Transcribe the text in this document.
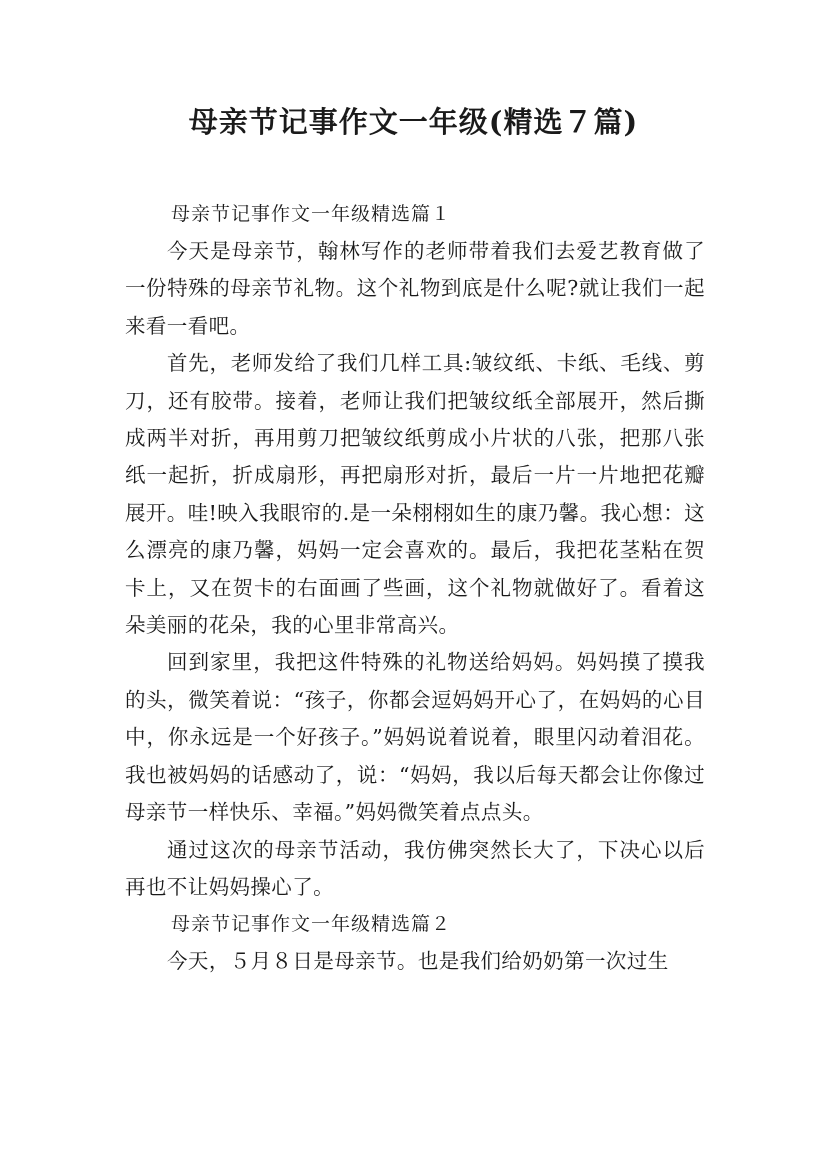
母亲节记事作文一年级(精选７篇)

母亲节记事作文一年级精选篇１

今天是母亲节，翰林写作的老师带着我们去爱艺教育做了一份特殊的母亲节礼物。这个礼物到底是什么呢?就让我们一起来看一看吧。

首先，老师发给了我们几样工具:皱纹纸、卡纸、毛线、剪刀，还有胶带。接着，老师让我们把皱纹纸全部展开，然后撕成两半对折，再用剪刀把皱纹纸剪成小片状的八张，把那八张纸一起折，折成扇形，再把扇形对折，最后一片一片地把花瓣展开。哇!映入我眼帘的.是一朵栩栩如生的康乃馨。我心想：这么漂亮的康乃馨，妈妈一定会喜欢的。最后，我把花茎粘在贺卡上，又在贺卡的右面画了些画，这个礼物就做好了。看着这朵美丽的花朵，我的心里非常高兴。

回到家里，我把这件特殊的礼物送给妈妈。妈妈摸了摸我的头，微笑着说：“孩子，你都会逗妈妈开心了，在妈妈的心目中，你永远是一个好孩子。”妈妈说着说着，眼里闪动着泪花。我也被妈妈的话感动了，说：“妈妈，我以后每天都会让你像过母亲节一样快乐、幸福。”妈妈微笑着点点头。

通过这次的母亲节活动，我仿佛突然长大了，下决心以后再也不让妈妈操心了。

母亲节记事作文一年级精选篇２

今天，５月８日是母亲节。也是我们给奶奶第一次过生
